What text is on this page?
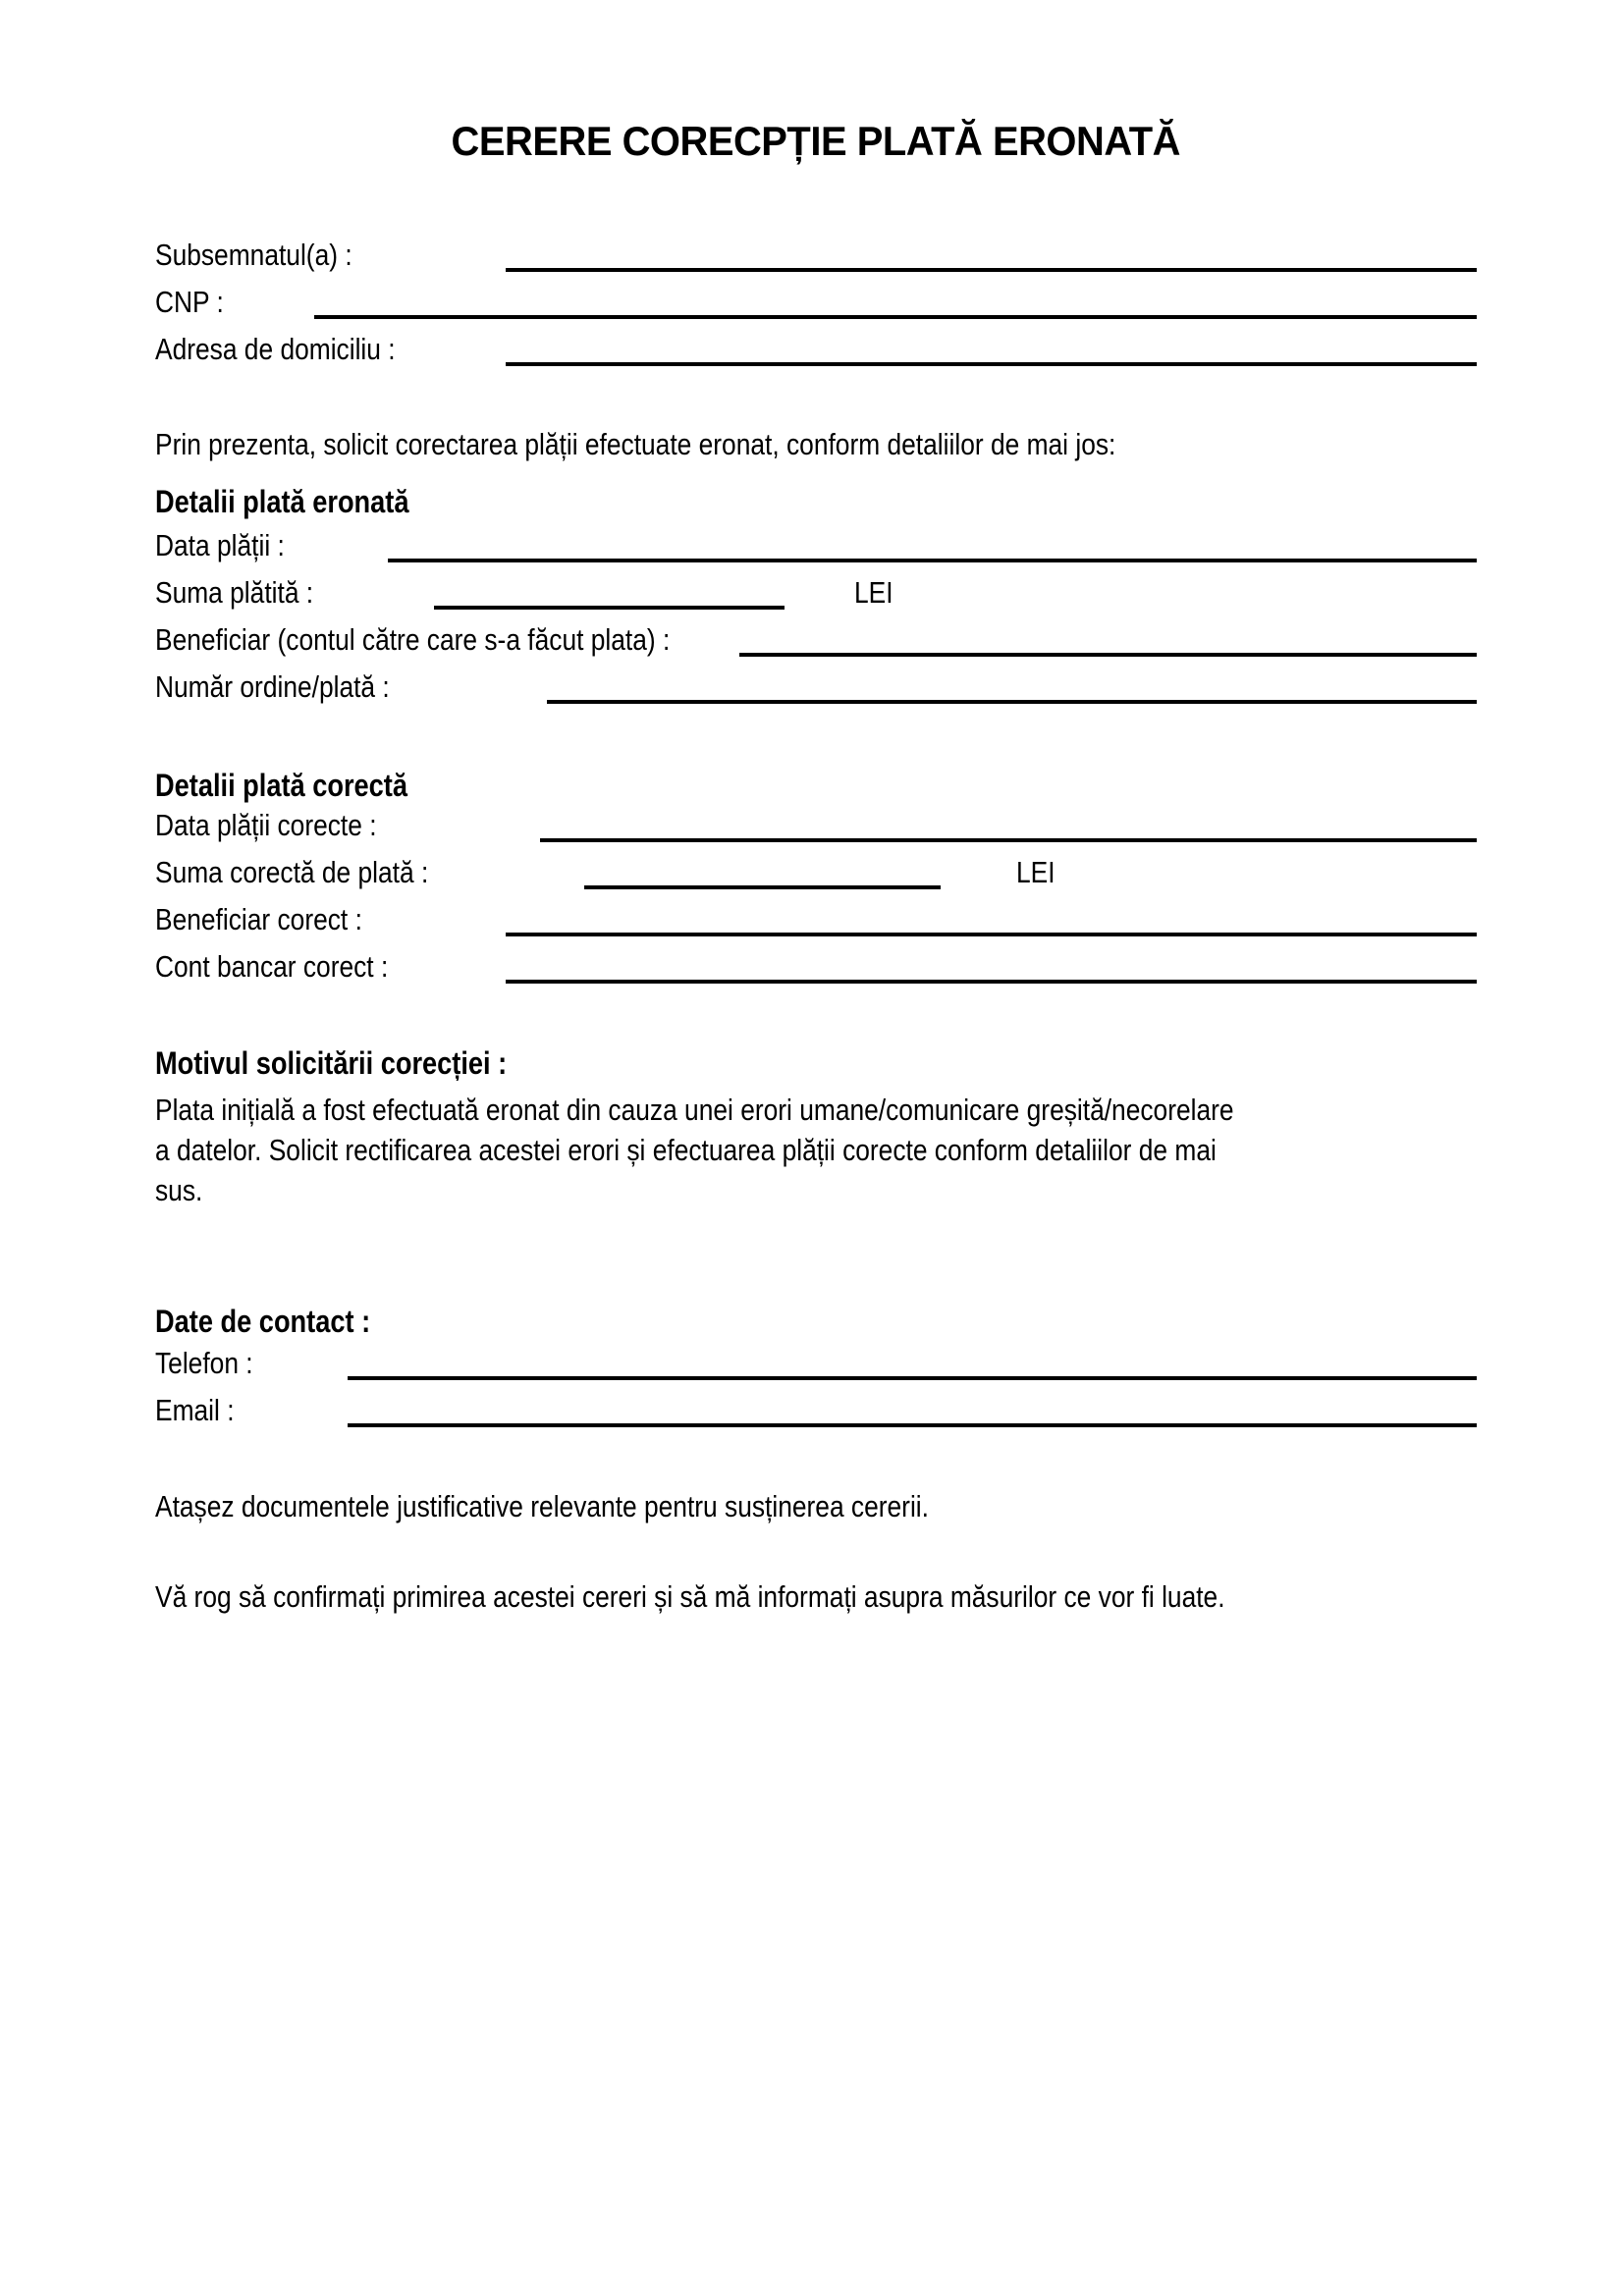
CERERE CORECPȚIE PLATĂ ERONATĂ
Subsemnatul(a) :
CNP :
Adresa de domiciliu :
Prin prezenta, solicit corectarea plății efectuate eronat, conform detaliilor de mai jos:
Detalii plată eronată
Data plății :
Suma plătită :	LEI
Beneficiar (contul către care s-a făcut plata) :
Număr ordine/plată :
Detalii plată corectă
Data plății corecte :
Suma corectă de plată :	LEI
Beneficiar corect :
Cont bancar corect :
Motivul solicitării corecției :
Plata inițială a fost efectuată eronat din cauza unei erori umane/comunicare greșită/necorelare
a datelor. Solicit rectificarea acestei erori și efectuarea plății corecte conform detaliilor de mai
sus.
Date de contact :
Telefon :
Email :
Atașez documentele justificative relevante pentru susținerea cererii.
Vă rog să confirmați primirea acestei cereri și să mă informați asupra măsurilor ce vor fi luate.
